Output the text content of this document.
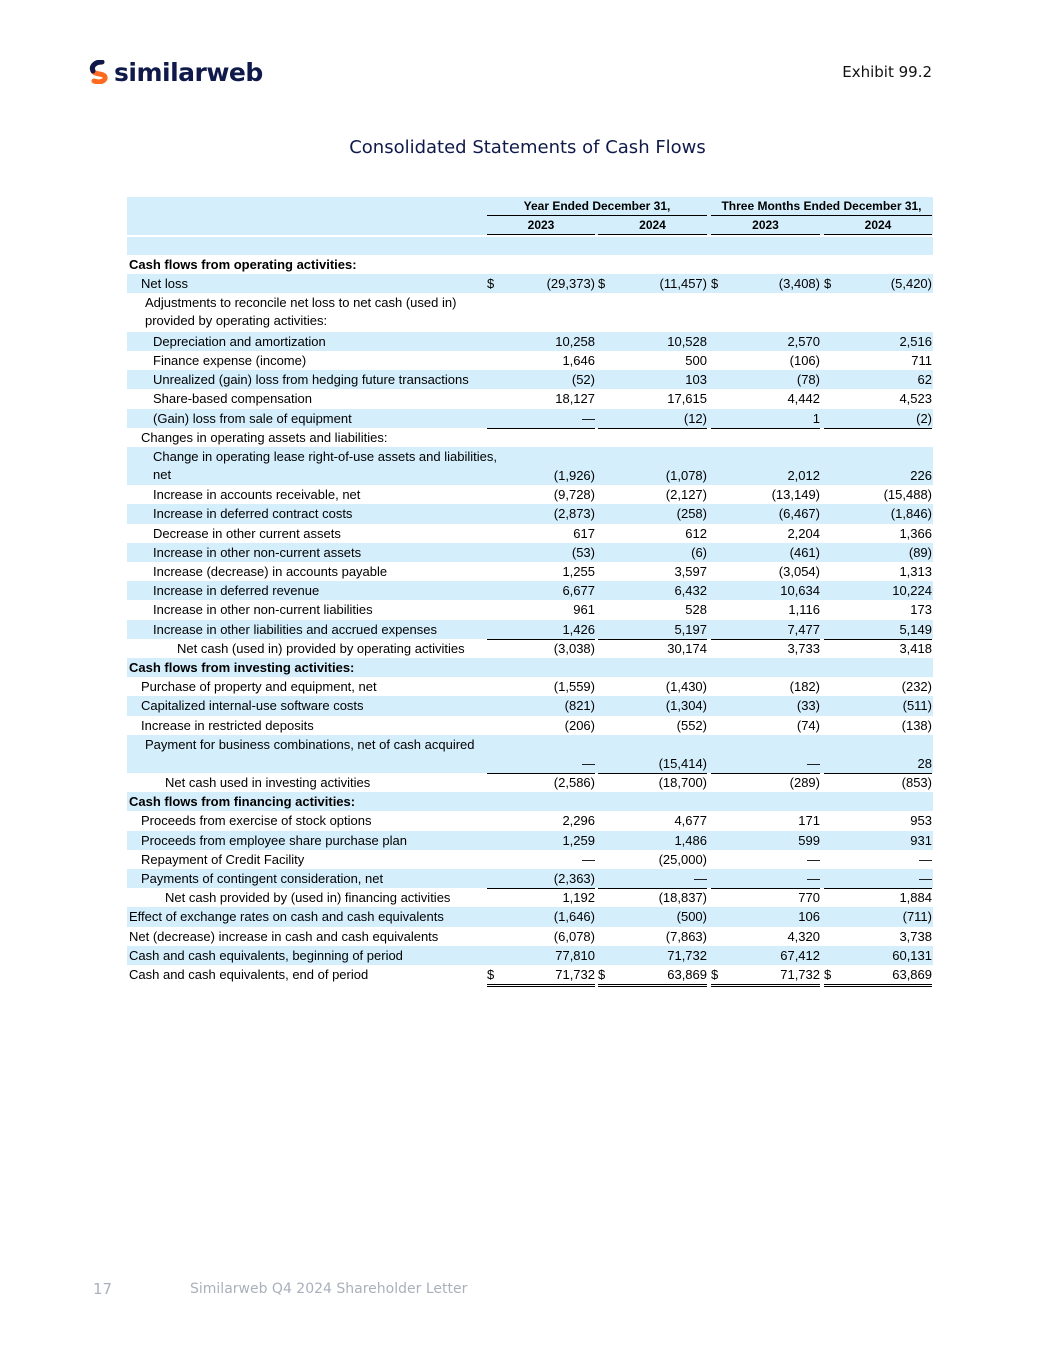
similarweb	Exhibit 99.2
Consolidated Statements of Cash Flows
Year Ended December 31,	Three Months Ended December 31,
2023	2024	2023	2024
Cash flows from operating activities:
Net loss	$	(29,373) $	(11,457) $	(3,408) $	(5,420)
Adjustments to reconcile net loss to net cash (used in) provided by operating activities:
Depreciation and amortization	10,258	10,528	2,570	2,516
Finance expense (income)	1,646	500	(106)	711
Unrealized (gain) loss from hedging future transactions	(52)	103	(78)	62
Share-based compensation	18,127	17,615	4,442	4,523
(Gain) loss from sale of equipment	—	(12)	1	(2)
Changes in operating assets and liabilities:
Change in operating lease right-of-use assets and liabilities, net	(1,926)	(1,078)	2,012	226
Increase in accounts receivable, net	(9,728)	(2,127)	(13,149)	(15,488)
Increase in deferred contract costs	(2,873)	(258)	(6,467)	(1,846)
Decrease in other current assets	617	612	2,204	1,366
Increase in other non-current assets	(53)	(6)	(461)	(89)
Increase (decrease) in accounts payable	1,255	3,597	(3,054)	1,313
Increase in deferred revenue	6,677	6,432	10,634	10,224
Increase in other non-current liabilities	961	528	1,116	173
Increase in other liabilities and accrued expenses	1,426	5,197	7,477	5,149
Net cash (used in) provided by operating activities	(3,038)	30,174	3,733	3,418
Cash flows from investing activities:
Purchase of property and equipment, net	(1,559)	(1,430)	(182)	(232)
Capitalized internal-use software costs	(821)	(1,304)	(33)	(511)
Increase in restricted deposits	(206)	(552)	(74)	(138)
Payment for business combinations, net of cash acquired
—	(15,414)	—	28
Net cash used in investing activities	(2,586)	(18,700)	(289)	(853)
Cash flows from financing activities:
Proceeds from exercise of stock options	2,296	4,677	171	953
Proceeds from employee share purchase plan	1,259	1,486	599	931
Repayment of Credit Facility	—	(25,000)	—	—
Payments of contingent consideration, net	(2,363)	—	—	—
Net cash provided by (used in) financing activities	1,192	(18,837)	770	1,884
Effect of exchange rates on cash and cash equivalents	(1,646)	(500)	106	(711)
Net (decrease) increase in cash and cash equivalents	(6,078)	(7,863)	4,320	3,738
Cash and cash equivalents, beginning of period	77,810	71,732	67,412	60,131
Cash and cash equivalents, end of period	$	71,732 $	63,869 $	71,732 $	63,869
17	Similarweb Q4 2024 Shareholder Letter
